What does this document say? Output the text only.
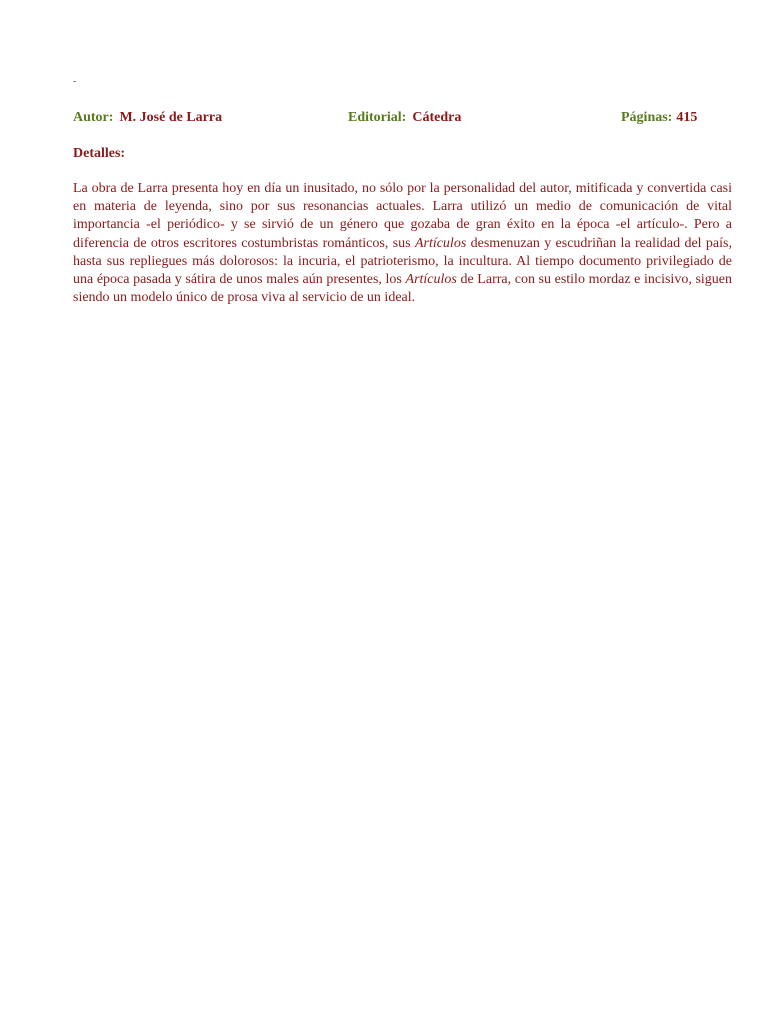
-
Autor: M. José de Larra	Editorial: Cátedra	Páginas: 415
Detalles:

La obra de Larra presenta hoy en día un inusitado, no sólo por la personalidad del autor, mitificada y convertida casi en materia de leyenda, sino por sus resonancias actuales. Larra utilizó un medio de comunicación de vital importancia -el periódico- y se sirvió de un género que gozaba de gran éxito en la época -el artículo-. Pero a diferencia de otros escritores costumbristas románticos, sus Artículos desmenuzan y escudriñan la realidad del país, hasta sus repliegues más dolorosos: la incuria, el patrioterismo, la incultura. Al tiempo documento privilegiado de una época pasada y sátira de unos males aún presentes, los Artículos de Larra, con su estilo mordaz e incisivo, siguen siendo un modelo único de prosa viva al servicio de un ideal.
